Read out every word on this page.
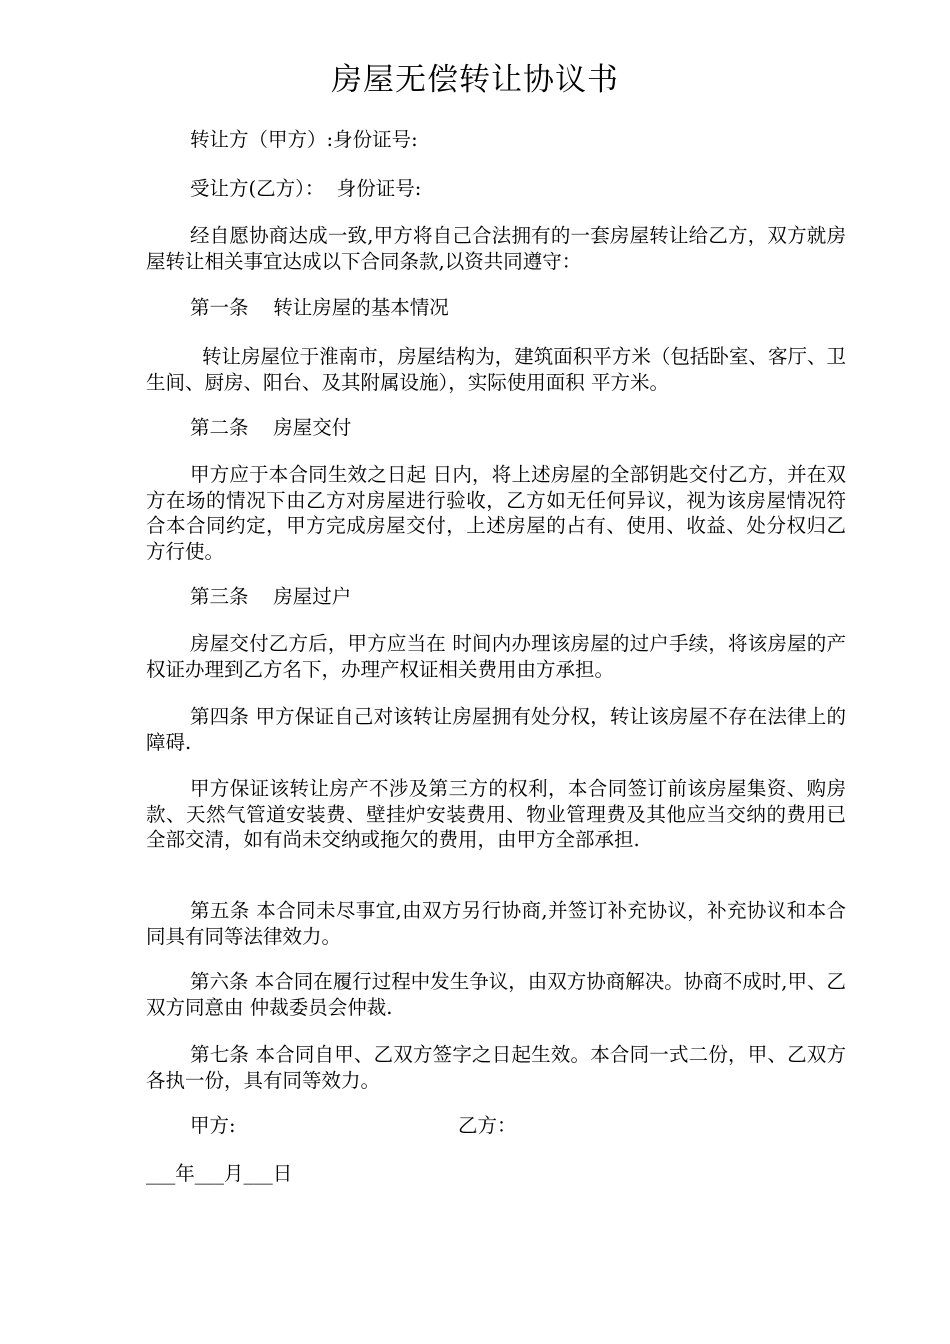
房屋无偿转让协议书
转让方（甲方）:身份证号:
受让方(乙方）：  身份证号:

经自愿协商达成一致,甲方将自己合法拥有的一套房屋转让给乙方，双方就房屋转让相关事宜达成以下合同条款,以资共同遵守：

第一条    转让房屋的基本情况

转让房屋位于淮南市，房屋结构为，建筑面积平方米（包括卧室、客厅、卫生间、厨房、阳台、及其附属设施），实际使用面积 平方米。

第二条    房屋交付

甲方应于本合同生效之日起 日内，将上述房屋的全部钥匙交付乙方，并在双方在场的情况下由乙方对房屋进行验收，乙方如无任何异议，视为该房屋情况符合本合同约定，甲方完成房屋交付，上述房屋的占有、使用、收益、处分权归乙方行使。

第三条    房屋过户

房屋交付乙方后，甲方应当在 时间内办理该房屋的过户手续，将该房屋的产权证办理到乙方名下，办理产权证相关费用由方承担。

第四条 甲方保证自己对该转让房屋拥有处分权，转让该房屋不存在法律上的障碍.

甲方保证该转让房产不涉及第三方的权利，本合同签订前该房屋集资、购房款、天然气管道安装费、壁挂炉安装费用、物业管理费及其他应当交纳的费用已全部交清，如有尚未交纳或拖欠的费用，由甲方全部承担.

第五条 本合同未尽事宜,由双方另行协商,并签订补充协议，补充协议和本合同具有同等法律效力。

第六条 本合同在履行过程中发生争议，由双方协商解决。协商不成时,甲、乙双方同意由 仲裁委员会仲裁.

第七条 本合同自甲、乙双方签字之日起生效。本合同一式二份，甲、乙双方各执一份，具有同等效力。

甲方:	乙方：
___年___月___日
